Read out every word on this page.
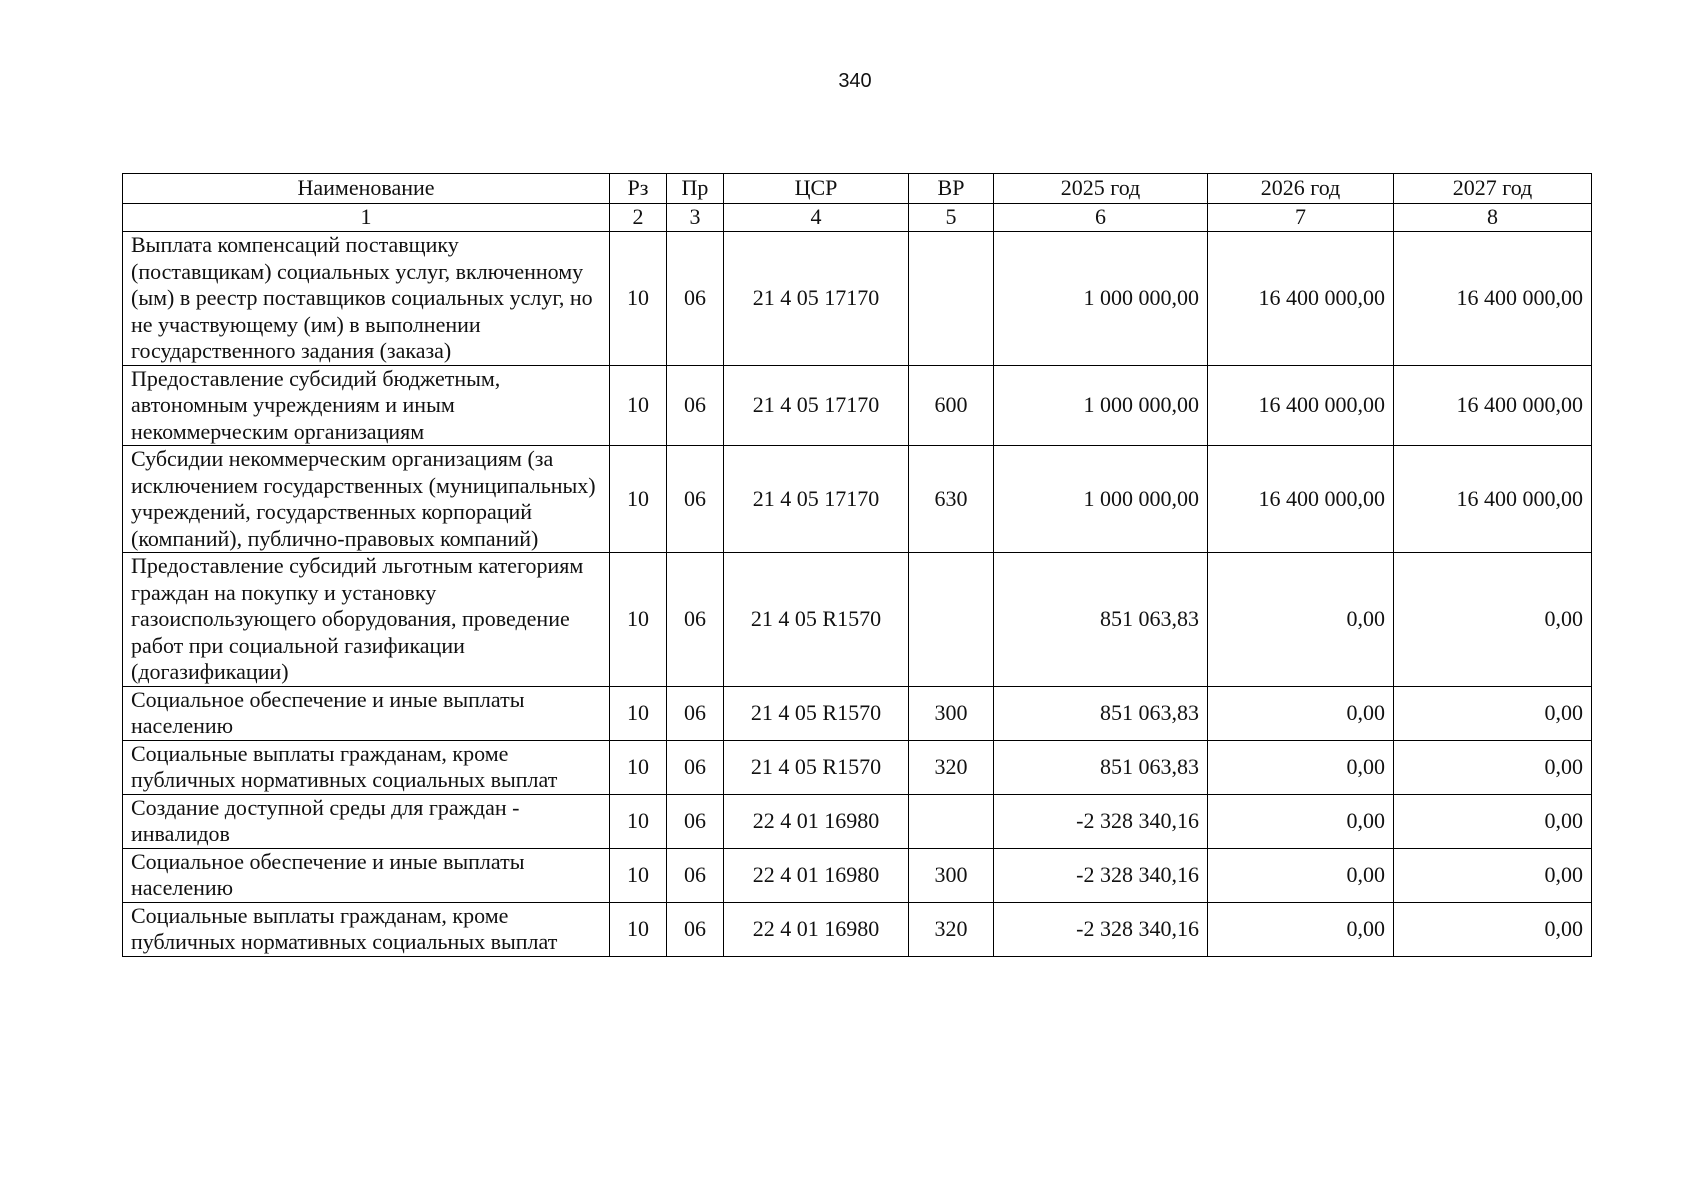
340
Наименование	Рз	Пр	ЦСР	ВР	2025 год	2026 год	2027 год
1	2	3	4	5	6	7	8
Выплата компенсаций поставщику (поставщикам) социальных услуг, включенному (ым) в реестр поставщиков социальных услуг, но не участвующему (им) в выполнении государственного задания (заказа)	10	06	21 4 05 17170		1 000 000,00	16 400 000,00	16 400 000,00
Предоставление субсидий бюджетным, автономным учреждениям и иным некоммерческим организациям	10	06	21 4 05 17170	600	1 000 000,00	16 400 000,00	16 400 000,00
Субсидии некоммерческим организациям (за исключением государственных (муниципальных) учреждений, государственных корпораций (компаний), публично-правовых компаний)	10	06	21 4 05 17170	630	1 000 000,00	16 400 000,00	16 400 000,00
Предоставление субсидий льготным категориям граждан на покупку и установку газоиспользующего оборудования, проведение работ при социальной газификации (догазификации)	10	06	21 4 05 R1570		851 063,83	0,00	0,00
Социальное обеспечение и иные выплаты населению	10	06	21 4 05 R1570	300	851 063,83	0,00	0,00
Социальные выплаты гражданам, кроме публичных нормативных социальных выплат	10	06	21 4 05 R1570	320	851 063,83	0,00	0,00
Создание доступной среды для граждан - инвалидов	10	06	22 4 01 16980		-2 328 340,16	0,00	0,00
Социальное обеспечение и иные выплаты населению	10	06	22 4 01 16980	300	-2 328 340,16	0,00	0,00
Социальные выплаты гражданам, кроме публичных нормативных социальных выплат	10	06	22 4 01 16980	320	-2 328 340,16	0,00	0,00
